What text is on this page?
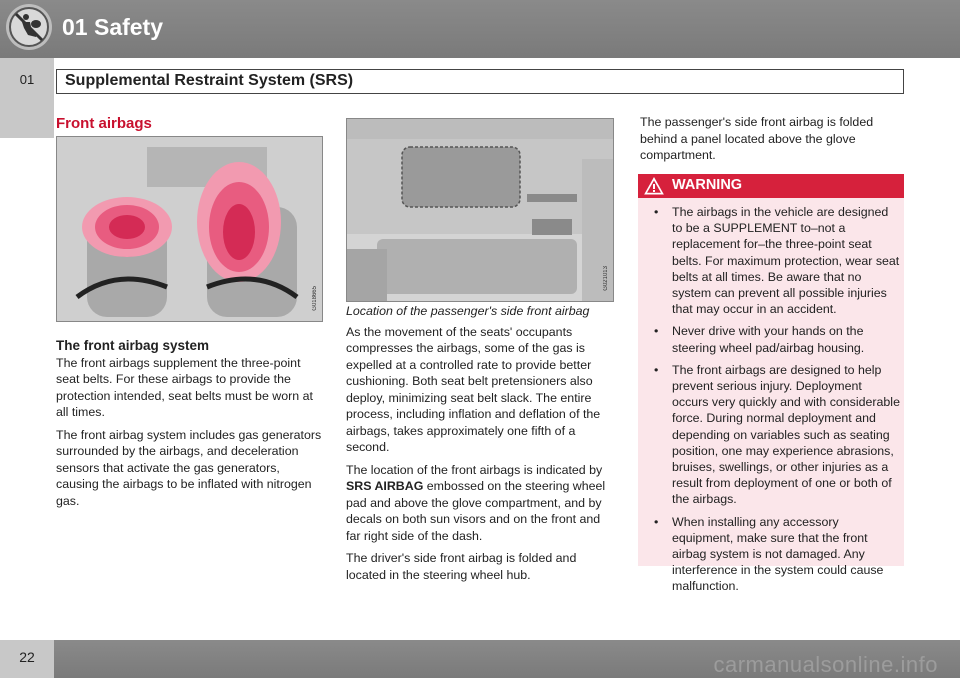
01 Safety
01	Supplemental Restraint System (SRS)
Front airbags
G018665
The front airbag system

The front airbags supplement the three-point seat belts. For these airbags to provide the protection intended, seat belts must be worn at all times.

The front airbag system includes gas generators surrounded by the airbags, and deceleration sensors that activate the gas generators, causing the airbags to be inflated with nitrogen gas.

G021013

Location of the passenger's side front airbag

As the movement of the seats' occupants compresses the airbags, some of the gas is expelled at a controlled rate to provide better cushioning. Both seat belt pretensioners also deploy, minimizing seat belt slack. The entire process, including inflation and deflation of the airbags, takes approximately one fifth of a second.

The location of the front airbags is indicated by SRS AIRBAG embossed on the steering wheel pad and above the glove compartment, and by decals on both sun visors and on the front and far right side of the dash.

The driver's side front airbag is folded and located in the steering wheel hub.

The passenger's side front airbag is folded behind a panel located above the glove compartment.

WARNING
• The airbags in the vehicle are designed to be a SUPPLEMENT to–not a replacement for–the three-point seat belts. For maximum protection, wear seat belts at all times. Be aware that no system can prevent all possible injuries that may occur in an accident.
• Never drive with your hands on the steering wheel pad/airbag housing.
• The front airbags are designed to help prevent serious injury. Deployment occurs very quickly and with considerable force. During normal deployment and depending on variables such as seating position, one may experience abrasions, bruises, swellings, or other injuries as a result from deployment of one or both of the airbags.
• When installing any accessory equipment, make sure that the front airbag system is not damaged. Any interference in the system could cause malfunction.
22	carmanualsonline.info
